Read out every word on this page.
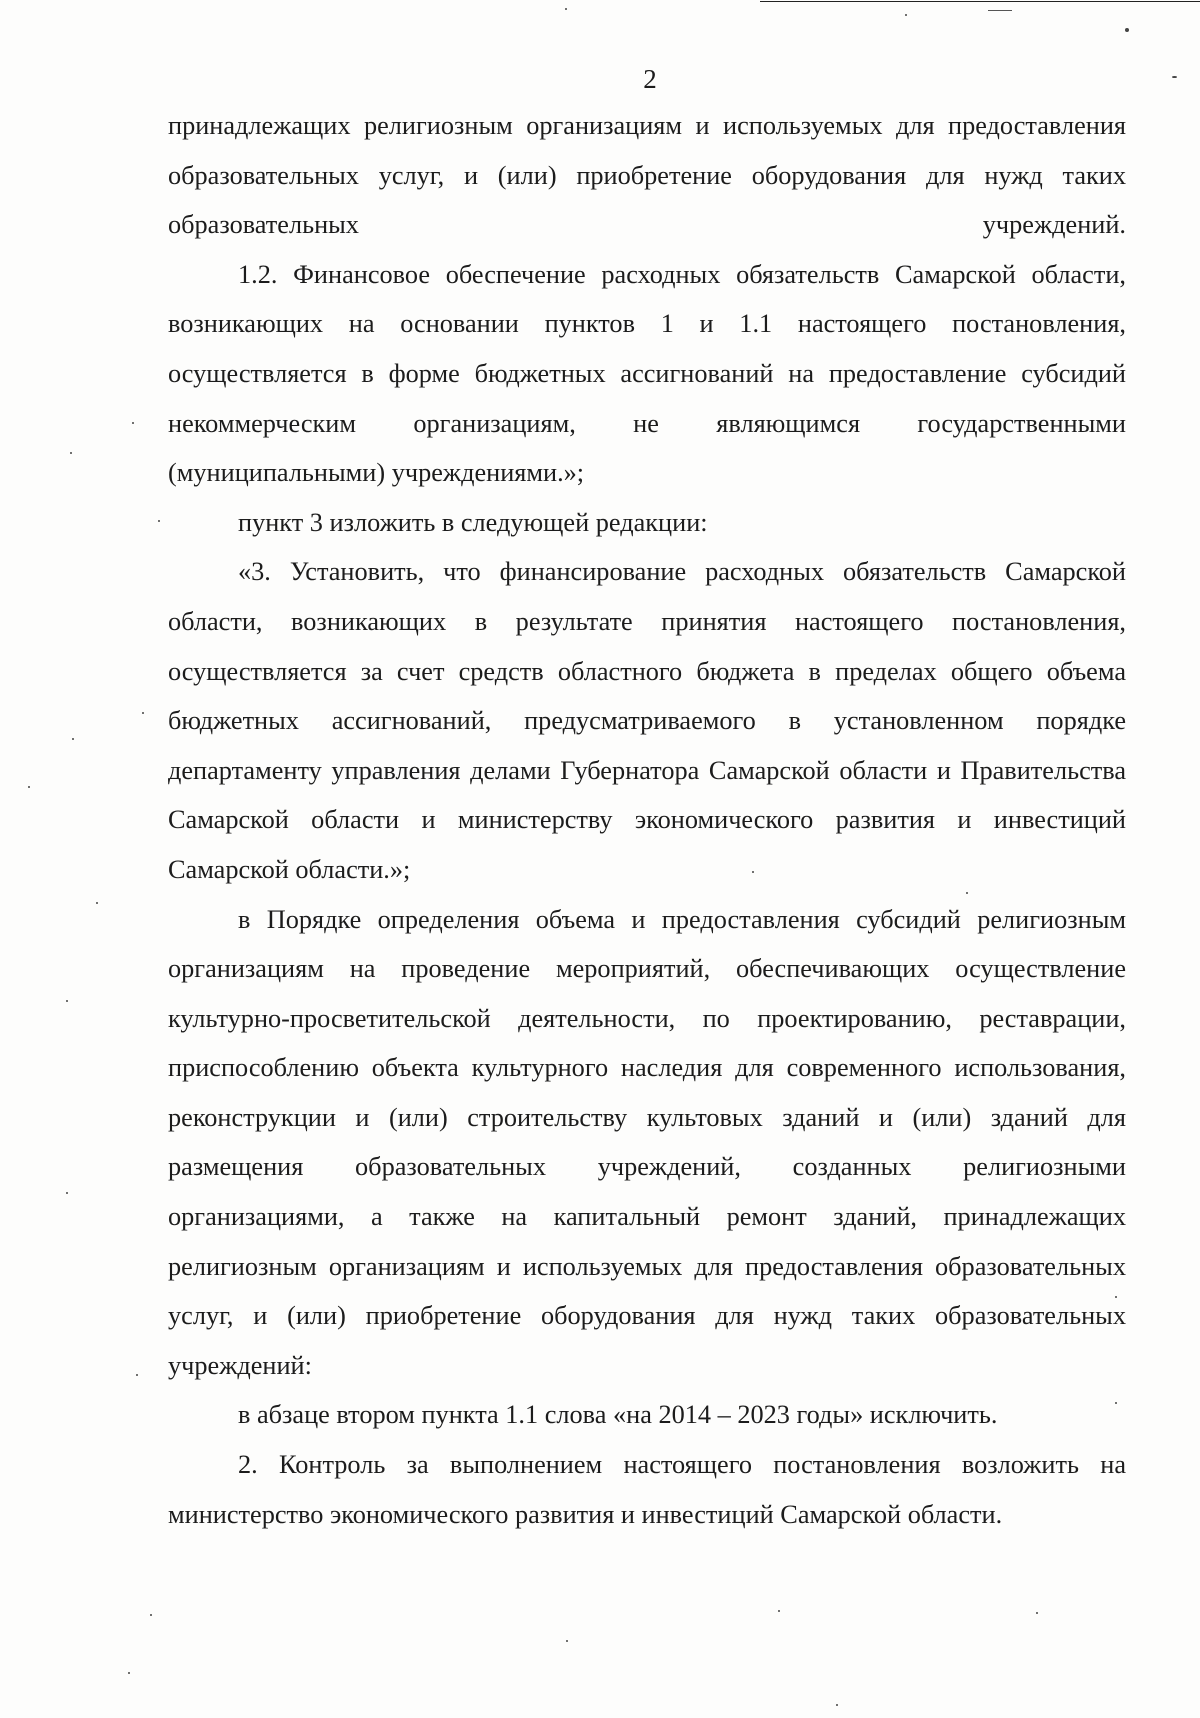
2

принадлежащих религиозным организациям и используемых для предоставления образовательных услуг, и (или) приобретение оборудования для нужд таких образовательных учреждений.

1.2. Финансовое обеспечение расходных обязательств Самарской области, возникающих на основании пунктов 1 и 1.1 настоящего постановления, осуществляется в форме бюджетных ассигнований на предоставление субсидий некоммерческим организациям, не являющимся государственными (муниципальными) учреждениями.»;

пункт 3 изложить в следующей редакции:

«3. Установить, что финансирование расходных обязательств Самарской области, возникающих в результате принятия настоящего постановления, осуществляется за счет средств областного бюджета в пределах общего объема бюджетных ассигнований, предусматриваемого в установленном порядке департаменту управления делами Губернатора Самарской области и Правительства Самарской области и министерству экономического развития и инвестиций Самарской области.»;

в Порядке определения объема и предоставления субсидий религиозным организациям на проведение мероприятий, обеспечивающих осуществление культурно-просветительской деятельности, по проектированию, реставрации, приспособлению объекта культурного наследия для современного использования, реконструкции и (или) строительству культовых зданий и (или) зданий для размещения образовательных учреждений, созданных религиозными организациями, а также на капитальный ремонт зданий, принадлежащих религиозным организациям и используемых для предоставления образовательных услуг, и (или) приобретение оборудования для нужд таких образовательных учреждений:

в абзаце втором пункта 1.1 слова «на 2014 – 2023 годы» исключить.

2. Контроль за выполнением настоящего постановления возложить на министерство экономического развития и инвестиций Самарской области.
